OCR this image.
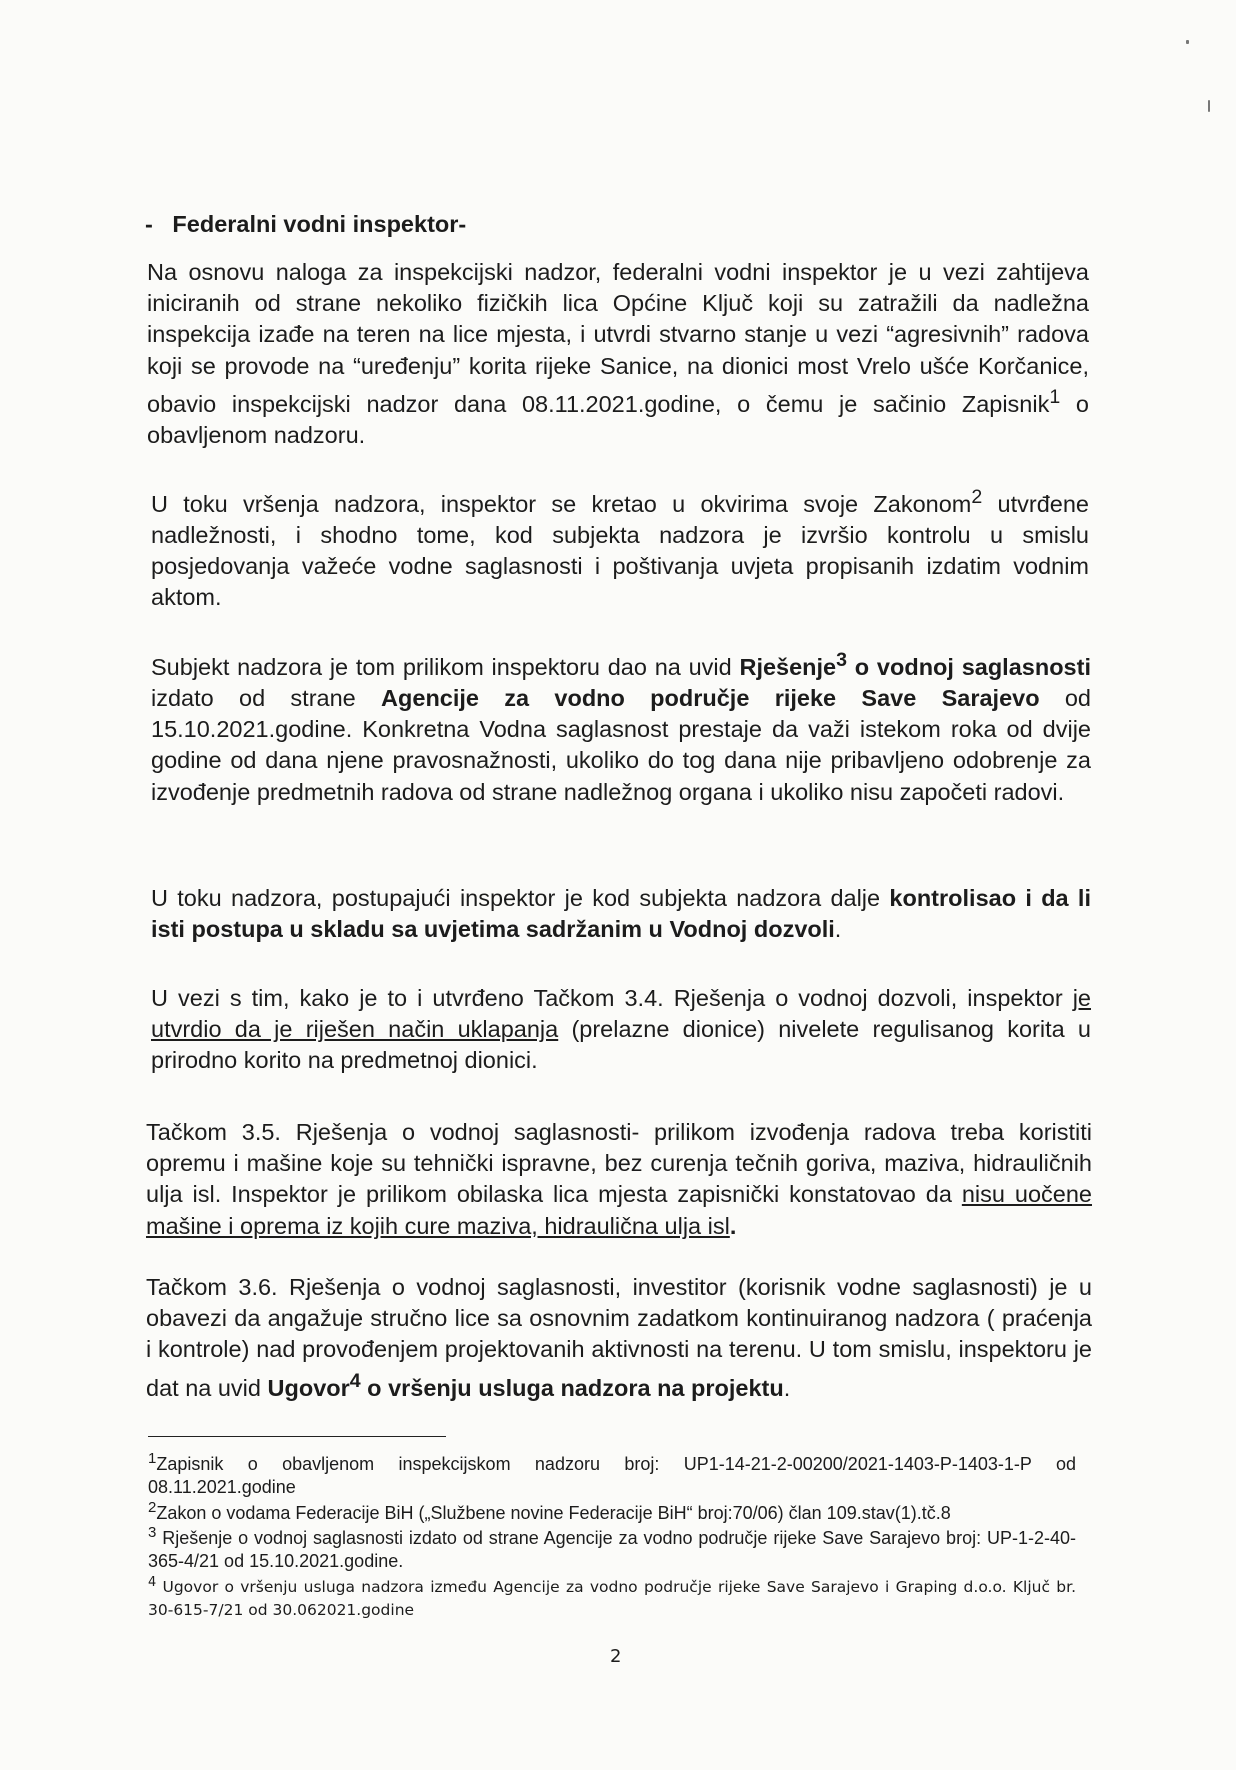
- Federalni vodni inspektor-
Na osnovu naloga za inspekcijski nadzor, federalni vodni inspektor je u vezi zahtijeva iniciranih od strane nekoliko fizičkih lica Općine Ključ koji su zatražili da nadležna inspekcija izađe na teren na lice mjesta, i utvrdi stvarno stanje u vezi “agresivnih” radova koji se provode na “uređenju” korita rijeke Sanice, na dionici most Vrelo ušće Korčanice, obavio inspekcijski nadzor dana 08.11.2021.godine, o čemu je sačinio Zapisnik$^1$ o obavljenom nadzoru.
U toku vršenja nadzora, inspektor se kretao u okvirima svoje Zakonom$^2$ utvrđene nadležnosti, i shodno tome, kod subjekta nadzora je izvršio kontrolu u smislu posjedovanja važeće vodne saglasnosti i poštivanja uvjeta propisanih izdatim vodnim aktom.
Subjekt nadzora je tom prilikom inspektoru dao na uvid Rješenje$^3$ o vodnoj saglasnosti izdato od strane Agencije za vodno područje rijeke Save Sarajevo od 15.10.2021.godine. Konkretna Vodna saglasnost prestaje da važi istekom roka od dvije godine od dana njene pravosnažnosti, ukoliko do tog dana nije pribavljeno odobrenje za izvođenje predmetnih radova od strane nadležnog organa i ukoliko nisu započeti radovi.
U toku nadzora, postupajući inspektor je kod subjekta nadzora dalje kontrolisao i da li isti postupa u skladu sa uvjetima sadržanim u Vodnoj dozvoli.
U vezi s tim, kako je to i utvrđeno Tačkom 3.4. Rješenja o vodnoj dozvoli, inspektor je utvrdio da je riješen način uklapanja (prelazne dionice) nivelete regulisanog korita u prirodno korito na predmetnoj dionici.
Tačkom 3.5. Rješenja o vodnoj saglasnosti- prilikom izvođenja radova treba koristiti opremu i mašine koje su tehnički ispravne, bez curenja tečnih goriva, maziva, hidrauličnih ulja isl. Inspektor je prilikom obilaska lica mjesta zapisnički konstatovao da nisu uočene mašine i oprema iz kojih cure maziva, hidraulična ulja isl.
Tačkom 3.6. Rješenja o vodnoj saglasnosti, investitor (korisnik vodne saglasnosti) je u obavezi da angažuje stručno lice sa osnovnim zadatkom kontinuiranog nadzora ( praćenja i kontrole) nad provođenjem projektovanih aktivnosti na terenu. U tom smislu, inspektoru je dat na uvid Ugovor$^4$ o vršenju usluga nadzora na projektu.
$^1$Zapisnik o obavljenom inspekcijskom nadzoru broj: UP1-14-21-2-00200/2021-1403-P-1403-1-P od 08.11.2021.godine
$^2$Zakon o vodama Federacije BiH („Službene novine Federacije BiH“ broj:70/06) član 109.stav(1).tč.8
$^3$ Rješenje o vodnoj saglasnosti izdato od strane Agencije za vodno područje rijeke Save Sarajevo broj: UP-1-2-40-365-4/21 od 15.10.2021.godine.
$^4$ Ugovor o vršenju usluga nadzora između Agencije za vodno područje rijeke Save Sarajevo i Graping d.o.o. Ključ br. 30-615-7/21 od 30.062021.godine
2
